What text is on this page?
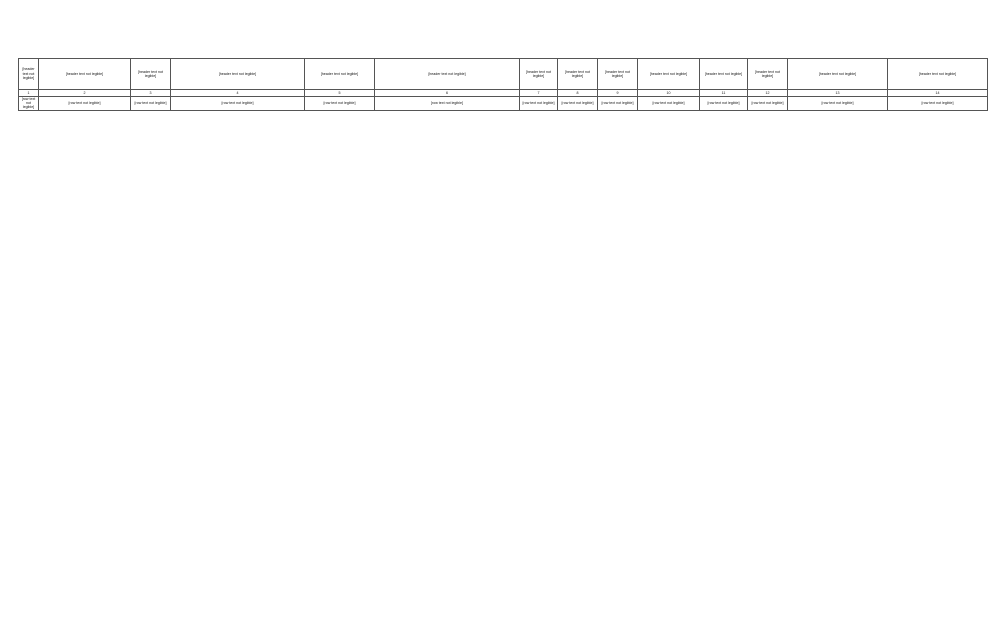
[header text not legible]	[header text not legible]	[header text not legible]	[header text not legible]	[header text not legible]	[header text not legible]	[header text not legible]	[header text not legible]	[header text not legible]	[header text not legible]	[header text not legible]	[header text not legible]	[header text not legible]	[header text not legible]
1	2	3	4	5	6	7	8	9	10	11	12	13	14
[row text not legible]	[row text not legible]	[row text not legible]	[row text not legible]	[row text not legible]	[row text not legible]	[row text not legible]	[row text not legible]	[row text not legible]	[row text not legible]	[row text not legible]	[row text not legible]	[row text not legible]	[row text not legible]
